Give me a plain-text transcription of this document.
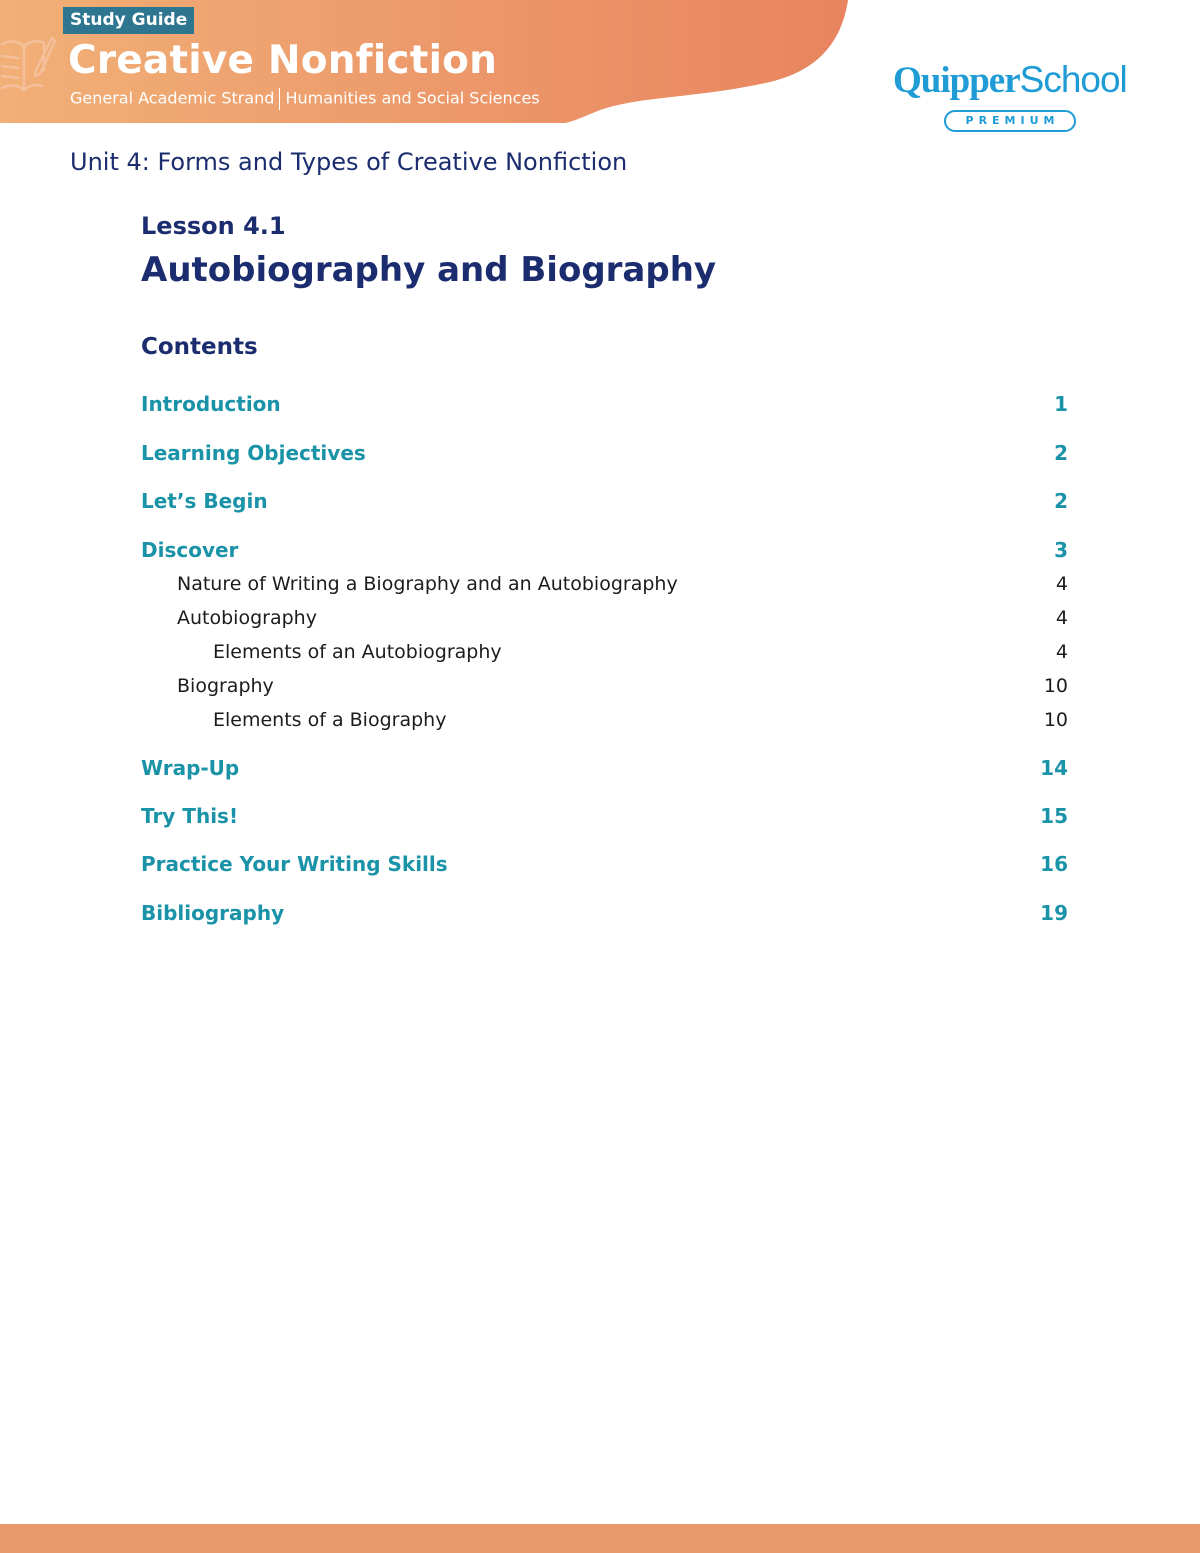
Study Guide
Creative Nonfiction
General Academic Strand Humanities and Social Sciences	QuipperSchool
PREMIUM
Unit 4: Forms and Types of Creative Nonfiction
Lesson 4.1
Autobiography and Biography
Contents
Introduction	1
Learning Objectives	2
Let’s Begin	2
Discover	3
Nature of Writing a Biography and an Autobiography	4
Autobiography	4
Elements of an Autobiography	4
Biography	10
Elements of a Biography	10
Wrap-Up	14
Try This!	15
Practice Your Writing Skills	16
Bibliography	19
